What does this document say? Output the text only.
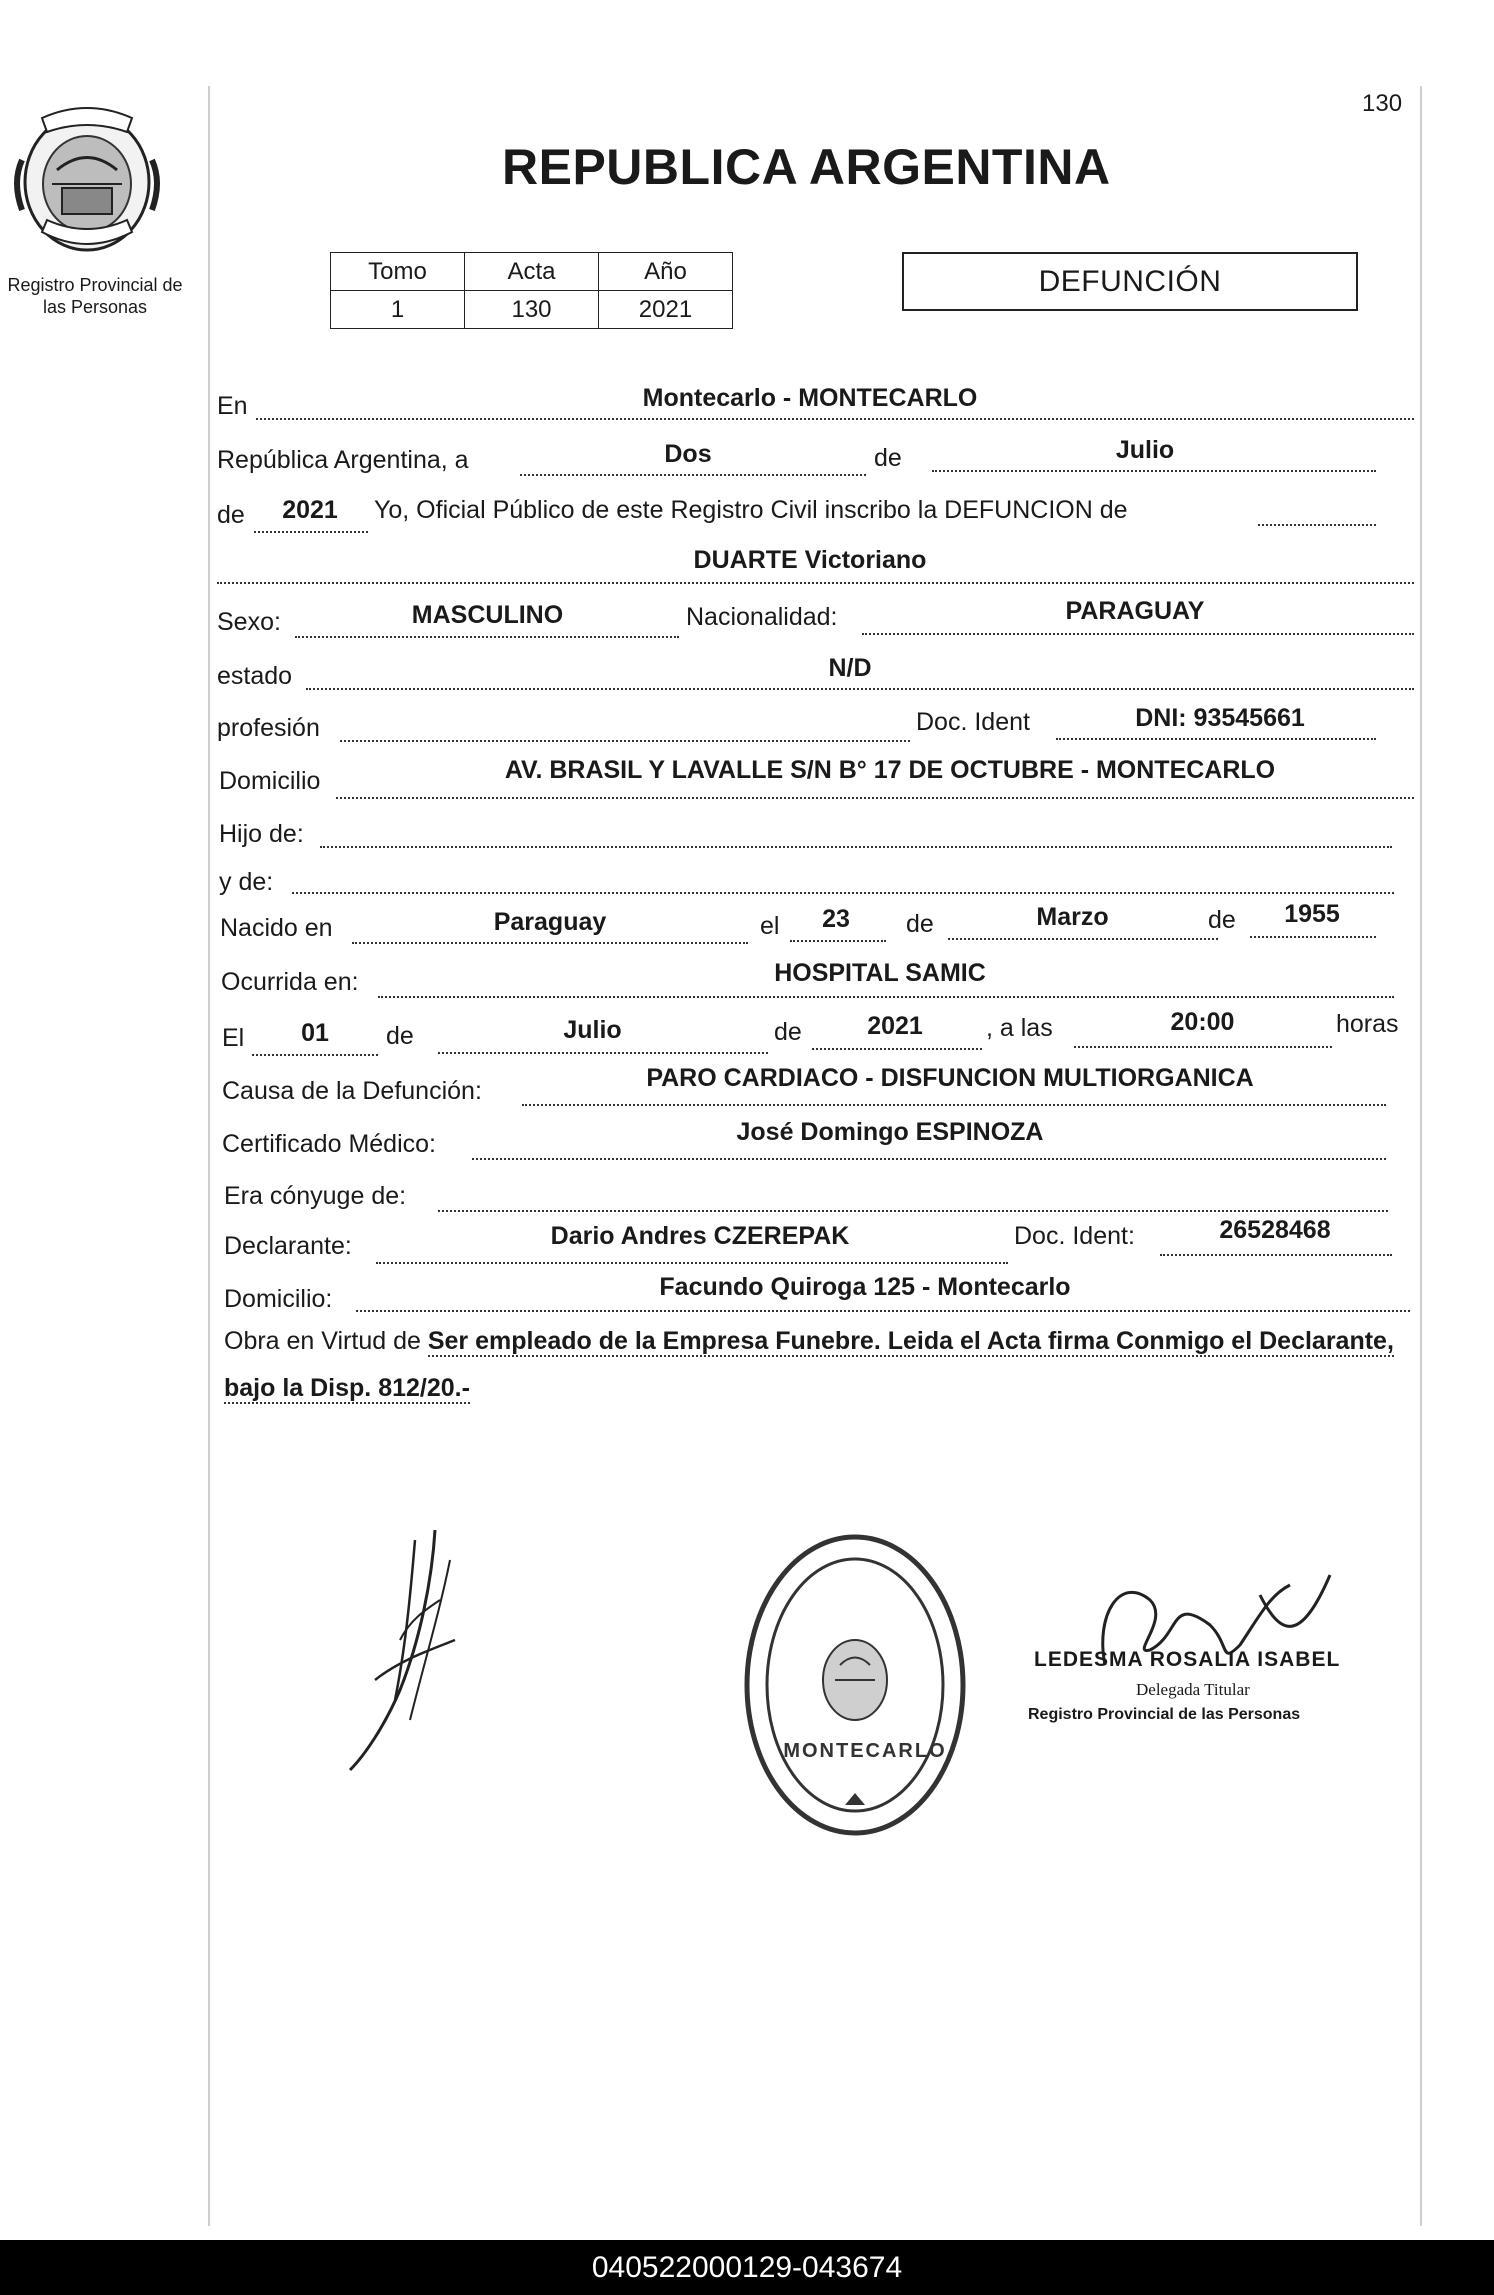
Registro Provincial de
las Personas
130
REPUBLICA ARGENTINA
Tomo	Acta	Año
1	130	2021
DEFUNCIÓN
En	Montecarlo - MONTECARLO
República Argentina, a	Dos	de	Julio
de	2021	Yo, Oficial Público de este Registro Civil inscribo la DEFUNCION de
DUARTE Victoriano
Sexo:	MASCULINO	Nacionalidad:	PARAGUAY
estado	N/D
profesión	Doc. Ident	DNI: 93545661
Domicilio	AV. BRASIL Y LAVALLE S/N B° 17 DE OCTUBRE - MONTECARLO
Hijo de:
y de:
Nacido en	Paraguay	el	23	de	Marzo	de	1955
Ocurrida en:	HOSPITAL SAMIC
El	01	de	Julio	de	2021	, a las	20:00	horas
Causa de la Defunción:	PARO CARDIACO - DISFUNCION MULTIORGANICA
Certificado Médico:	José Domingo ESPINOZA
Era cónyuge de:
Declarante:	Dario Andres CZEREPAK	Doc. Ident:	26528468
Domicilio:	Facundo Quiroga 125 - Montecarlo
Obra en Virtud de Ser empleado de la Empresa Funebre. Leida el Acta firma Conmigo el Declarante, bajo la Disp. 812/20.-
MONTECARLO
LEDESMA ROSALIA ISABEL
Delegada Titular
Registro Provincial de las Personas
040522000129-043674
